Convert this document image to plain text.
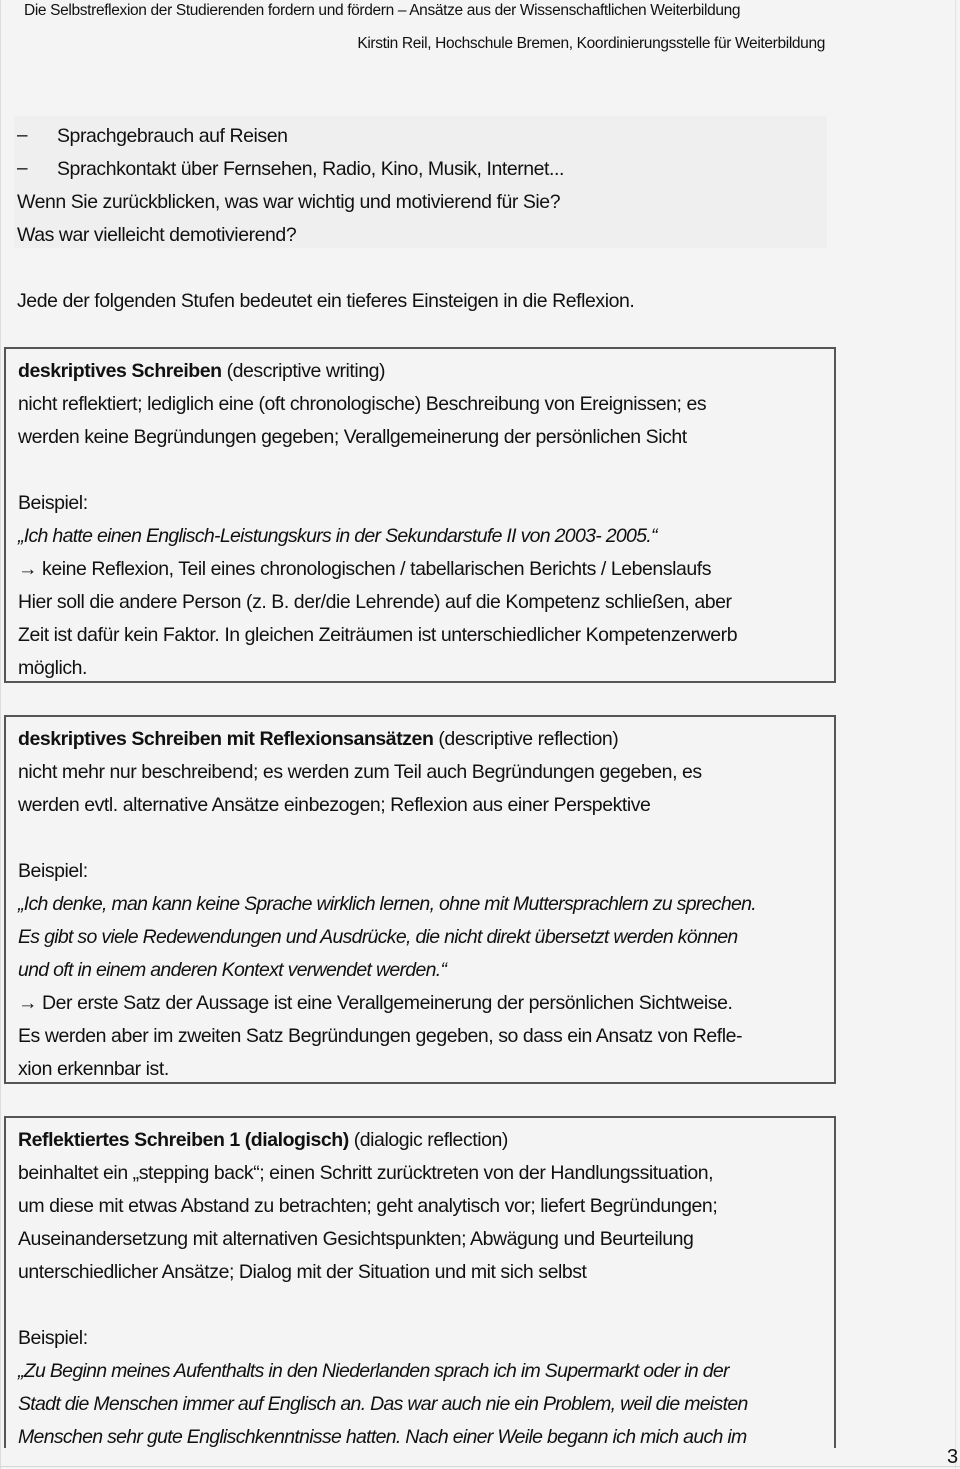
Die Selbstreflexion der Studierenden fordern und fördern – Ansätze aus der Wissenschaftlichen Weiterbildung
Kirstin Reil, Hochschule Bremen, Koordinierungsstelle für Weiterbildung
– Sprachgebrauch auf Reisen
– Sprachkontakt über Fernsehen, Radio, Kino, Musik, Internet...
Wenn Sie zurückblicken, was war wichtig und motivierend für Sie?
Was war vielleicht demotivierend?
Jede der folgenden Stufen bedeutet ein tieferes Einsteigen in die Reflexion.
deskriptives Schreiben (descriptive writing)
nicht reflektiert; lediglich eine (oft chronologische) Beschreibung von Ereignissen; es
werden keine Begründungen gegeben; Verallgemeinerung der persönlichen Sicht
Beispiel:
„Ich hatte einen Englisch-Leistungskurs in der Sekundarstufe II von 2003- 2005.“
→ keine Reflexion, Teil eines chronologischen / tabellarischen Berichts / Lebenslaufs
Hier soll die andere Person (z. B. der/die Lehrende) auf die Kompetenz schließen, aber
Zeit ist dafür kein Faktor. In gleichen Zeiträumen ist unterschiedlicher Kompetenzerwerb
möglich.
deskriptives Schreiben mit Reflexionsansätzen (descriptive reflection)
nicht mehr nur beschreibend; es werden zum Teil auch Begründungen gegeben, es
werden evtl. alternative Ansätze einbezogen; Reflexion aus einer Perspektive
Beispiel:
„Ich denke, man kann keine Sprache wirklich lernen, ohne mit Muttersprachlern zu sprechen.
Es gibt so viele Redewendungen und Ausdrücke, die nicht direkt übersetzt werden können
und oft in einem anderen Kontext verwendet werden.“
→ Der erste Satz der Aussage ist eine Verallgemeinerung der persönlichen Sichtweise.
Es werden aber im zweiten Satz Begründungen gegeben, so dass ein Ansatz von Refle-
xion erkennbar ist.
Reflektiertes Schreiben 1 (dialogisch) (dialogic reflection)
beinhaltet ein „stepping back“; einen Schritt zurücktreten von der Handlungssituation,
um diese mit etwas Abstand zu betrachten; geht analytisch vor; liefert Begründungen;
Auseinandersetzung mit alternativen Gesichtspunkten; Abwägung und Beurteilung
unterschiedlicher Ansätze; Dialog mit der Situation und mit sich selbst
Beispiel:
„Zu Beginn meines Aufenthalts in den Niederlanden sprach ich im Supermarkt oder in der
Stadt die Menschen immer auf Englisch an. Das war auch nie ein Problem, weil die meisten
Menschen sehr gute Englischkenntnisse hatten. Nach einer Weile begann ich mich auch im
3
